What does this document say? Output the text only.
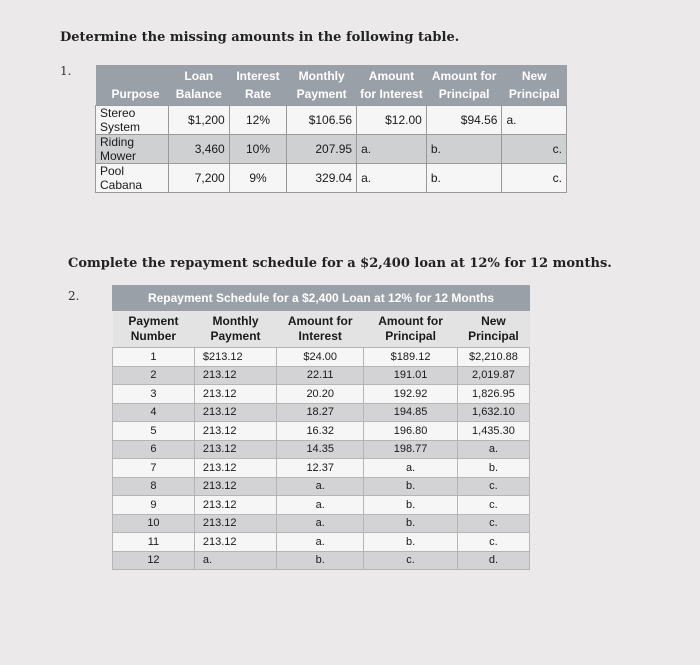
Determine the missing amounts in the following table.
1.
Purpose	Loan Balance	Interest Rate	Monthly Payment	Amount for Interest	Amount for Principal	New Principal
Stereo System	$1,200	12%	$106.56	$12.00	$94.56	a.
Riding Mower	3,460	10%	207.95	a.	b.	c.
Pool Cabana	7,200	9%	329.04	a.	b.	c.
Complete the repayment schedule for a $2,400 loan at 12% for 12 months.
2.	Repayment Schedule for a $2,400 Loan at 12% for 12 Months
Payment Number	Monthly Payment	Amount for Interest	Amount for Principal	New Principal
1	$213.12	$24.00	$189.12	$2,210.88
2	213.12	22.11	191.01	2,019.87
3	213.12	20.20	192.92	1,826.95
4	213.12	18.27	194.85	1,632.10
5	213.12	16.32	196.80	1,435.30
6	213.12	14.35	198.77	a.
7	213.12	12.37	a.	b.
8	213.12	a.	b.	c.
9	213.12	a.	b.	c.
10	213.12	a.	b.	c.
11	213.12	a.	b.	c.
12	a.	b.	c.	d.
